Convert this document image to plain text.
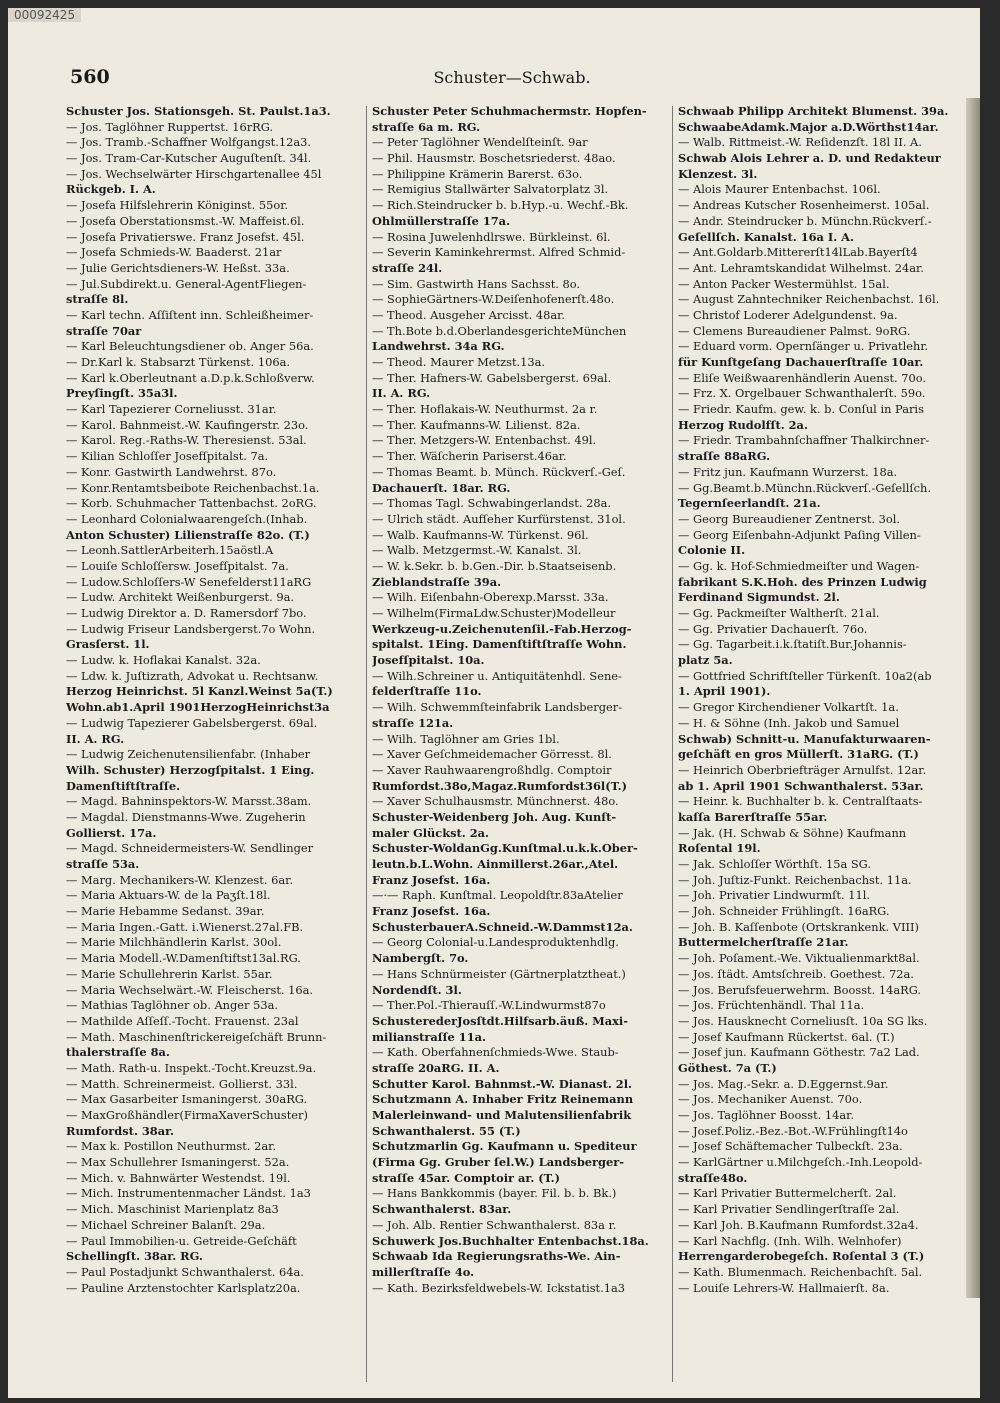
00092425
560	Schuster—Schwab.
Schuster Jos. Stationsgeh. St. Paulst.1a3.
— Jos. Taglöhner Ruppertst. 16rRG.
— Jos. Tramb.-Schaffner Wolfgangst.12a3.
— Jos. Tram-Car-Kutscher Auguſtenſt. 34l.
— Jos. Wechselwärter Hirschgartenallee 45l
Rückgeb. I. A.
— Josefa Hilfslehrerin Königinst. 55or.
— Josefa Oberstationsmst.-W. Maffeist.6l.
— Josefa Privatierswe. Franz Josefst. 45l.
— Josefa Schmieds-W. Baaderst. 21ar
— Julie Gerichtsdieners-W. Heßst. 33a.
— Jul.Subdirekt.u. General-AgentFliegen-
straſſe 8l.
— Karl techn. Aſſiſtent inn. Schleißheimer-
straſſe 70ar
— Karl Beleuchtungsdiener ob. Anger 56a.
— Dr.Karl k. Stabsarzt Türkenst. 106a.
— Karl k.Oberleutnant a.D.p.k.Schloßverw.
Preyſingſt. 35a3l.
— Karl Tapezierer Corneliusst. 31ar.
— Karol. Bahnmeist.-W. Kaufingerstr. 23o.
— Karol. Reg.-Raths-W. Theresienst. 53al.
— Kilian Schloſſer Josefſpitalst. 7a.
— Konr. Gastwirth Landwehrst. 87o.
— Konr.Rentamtsbeibote Reichenbachst.1a.
— Korb. Schuhmacher Tattenbachst. 2oRG.
— Leonhard Colonialwaarengeſch.(Inhab.
Anton Schuster) Lilienstraſſe 82o. (T.)
— Leonh.SattlerArbeiterh.15aöstl.A
— Louiſe Schloſſersw. Josefſpitalst. 7a.
— Ludow.Schloſſers-W Senefelderst11aRG
— Ludw. Architekt Weißenburgerst. 9a.
— Ludwig Direktor a. D. Ramersdorf 7bo.
— Ludwig Friseur Landsbergerst.7o Wohn.
Grasſerst. 1l.
— Ludw. k. Hoflakai Kanalst. 32a.
— Ldw. k. Juſtizrath, Advokat u. Rechtsanw.
Herzog Heinrichst. 5l Kanzl.Weinst 5a(T.)
Wohn.ab1.April 1901HerzogHeinrichst3a
— Ludwig Tapezierer Gabelsbergerst. 69al.
II. A. RG.
— Ludwig Zeichenutensilienfabr. (Inhaber
Wilh. Schuster) Herzogſpitalst. 1 Eing.
Damenſtiftſtraſſe.
— Magd. Bahninspektors-W. Marsst.38am.
— Magdal. Dienstmanns-Wwe. Zugeherin
Gollierst. 17a.
— Magd. Schneidermeisters-W. Sendlinger
straſſe 53a.
— Marg. Mechanikers-W. Klenzest. 6ar.
— Maria Aktuars-W. de la Paʒſt.18l.
— Marie Hebamme Sedanst. 39ar.
— Maria Ingen.-Gatt. i.Wienerst.27al.FB.
— Marie Milchhändlerin Karlst. 30ol.
— Maria Modell.-W.Damenſtiftst13al.RG.
— Marie Schullehrerin Karlst. 55ar.
— Maria Wechselwärt.-W. Fleischerst. 16a.
— Mathias Taglöhner ob. Anger 53a.
— Mathilde Aſſeſſ.-Tocht. Frauenst. 23al
— Math. Maschinenſtrickereigeſchäft Brunn-
thalerstraſſe 8a.
— Math. Rath-u. Inspekt.-Tocht.Kreuzst.9a.
— Matth. Schreinermeist. Gollierst. 33l.
— Max Gasarbeiter Ismaningerst. 30aRG.
— MaxGroßhändler(FirmaXaverSchuster)
Rumfordst. 38ar.
— Max k. Postillon Neuthurmst. 2ar.
— Max Schullehrer Ismaningerst. 52a.
— Mich. v. Bahnwärter Westendst. 19l.
— Mich. Instrumentenmacher Ländst. 1a3
— Mich. Maschinist Marienplatz 8a3
— Michael Schreiner Balanſt. 29a.
— Paul Immobilien-u. Getreide-Geſchäft
Schellingſt. 38ar. RG.
— Paul Postadjunkt Schwanthalerst. 64a.
— Pauline Arztenstochter Karlsplatz20a.
Schuster Peter Schuhmachermstr. Hopfen-
straſſe 6a m. RG.
— Peter Taglöhner Wendelſteinſt. 9ar
— Phil. Hausmstr. Boschetsriederst. 48ao.
— Philippine Krämerin Barerst. 63o.
— Remigius Stallwärter Salvatorplatz 3l.
— Rich.Steindrucker b. b.Hyp.-u. Wechf.-Bk.
Ohlmüllerstraſſe 17a.
— Rosina Juwelenhdlrswe. Bürkleinst. 6l.
— Severin Kaminkehrermst. Alfred Schmid-
straſſe 24l.
— Sim. Gastwirth Hans Sachsst. 8o.
— SophieGärtners-W.Deiſenhofenerſt.48o.
— Theod. Ausgeher Arcisst. 48ar.
— Th.Bote b.d.OberlandesgerichteMünchen
Landwehrst. 34a RG.
— Theod. Maurer Metzst.13a.
— Ther. Hafners-W. Gabelsbergerst. 69al.
II. A. RG.
— Ther. Hoflakais-W. Neuthurmst. 2a r.
— Ther. Kaufmanns-W. Lilienst. 82a.
— Ther. Metzgers-W. Entenbachst. 49l.
— Ther. Wäſcherin Pariserst.46ar.
— Thomas Beamt. b. Münch. Rückverſ.-Geſ.
Dachauerſt. 18ar. RG.
— Thomas Tagl. Schwabingerlandst. 28a.
— Ulrich städt. Aufſeher Kurfürstenst. 31ol.
— Walb. Kaufmanns-W. Türkenst. 96l.
— Walb. Metzgermst.-W. Kanalst. 3l.
— W. k.Sekr. b. b.Gen.-Dir. b.Staatseisenb.
Zieblandstraſſe 39a.
— Wilh. Eiſenbahn-Oberexp.Marsst. 33a.
— Wilhelm(FirmaLdw.Schuster)Modelleur
Werkzeug-u.Zeichenutenſil.-Fab.Herzog-
spitalst. 1Eing. Damenſtiftſtraſſe Wohn.
Josefſpitalst. 10a.
— Wilh.Schreiner u. Antiquitätenhdl. Sene-
felderſtraſſe 11o.
— Wilh. Schwemmſteinfabrik Landsberger-
straſſe 121a.
— Wilh. Taglöhner am Gries 1bl.
— Xaver Geſchmeidemacher Görresst. 8l.
— Xaver Rauhwaarengroßhdlg. Comptoir
Rumfordst.38o,Magaz.Rumfordst36l(T.)
— Xaver Schulhausmstr. Münchnerst. 48o.
Schuster-Weidenberg Joh. Aug. Kunſt-
maler Glückst. 2a.
Schuster-WoldanGg.Kunſtmal.u.k.k.Ober-
leutn.b.L.Wohn. Ainmillerst.26ar.,Atel.
Franz Josefst. 16a.
—·— Raph. Kunſtmal. Leopoldſtr.83aAtelier
Franz Josefst. 16a.
SchusterbauerA.Schneid.-W.Dammst12a.
— Georg Colonial-u.Landesproduktenhdlg.
Nambergſt. 7o.
— Hans Schnürmeister (Gärtnerplatztheat.)
Nordendſt. 3l.
— Ther.Pol.-Thierauſſ.-W.Lindwurmst87o
SchusterederJosſtdt.Hilfsarb.äuß. Maxi-
milianstraſſe 11a.
— Kath. Oberfahnenſchmieds-Wwe. Staub-
straſſe 20aRG. II. A.
Schutter Karol. Bahnmst.-W. Dianast. 2l.
Schutzmann A. Inhaber Fritz Reinemann
Malerleinwand- und Malutensilienfabrik
Schwanthalerst. 55 (T.)
Schutzmarlin Gg. Kaufmann u. Spediteur
(Firma Gg. Gruber ſel.W.) Landsberger-
straſſe 45ar. Comptoir ar. (T.)
— Hans Bankkommis (bayer. Fil. b. b. Bk.)
Schwanthalerst. 83ar.
— Joh. Alb. Rentier Schwanthalerst. 83a r.
Schuwerk Jos.Buchhalter Entenbachst.18a.
Schwaab Ida Regierungsraths-We. Ain-
millerſtraſſe 4o.
— Kath. Bezirksfeldwebels-W. Ickstatist.1a3
Schwaab Philipp Architekt Blumenst. 39a.
SchwaabeAdamk.Major a.D.Wörthst14ar.
— Walb. Rittmeist.-W. Reſidenzſt. 18l II. A.
Schwab Alois Lehrer a. D. und Redakteur
Klenzest. 3l.
— Alois Maurer Entenbachst. 106l.
— Andreas Kutscher Rosenheimerst. 105al.
— Andr. Steindrucker b. Münchn.Rückverſ.-
Geſellſch. Kanalst. 16a I. A.
— Ant.Goldarb.Mittererſt14lLab.Bayerſt4
— Ant. Lehramtskandidat Wilhelmst. 24ar.
— Anton Packer Westermühlst. 15al.
— August Zahntechniker Reichenbachst. 16l.
— Christof Loderer Adelgundenst. 9a.
— Clemens Bureaudiener Palmst. 9oRG.
— Eduard vorm. Opernſänger u. Privatlehr.
für Kunſtgeſang Dachauerſtraſſe 10ar.
— Eliſe Weißwaarenhändlerin Auenst. 70o.
— Frz. X. Orgelbauer Schwanthalerſt. 59o.
— Friedr. Kaufm. gew. k. b. Conſul in Paris
Herzog Rudolfſt. 2a.
— Friedr. Trambahnſchaffner Thalkirchner-
straſſe 88aRG.
— Fritz jun. Kaufmann Wurzerst. 18a.
— Gg.Beamt.b.Münchn.Rückverſ.-Geſellſch.
Tegernſeerlandſt. 21a.
— Georg Bureaudiener Zentnerst. 3ol.
— Georg Eiſenbahn-Adjunkt Paſing Villen-
Colonie II.
— Gg. k. Hof-Schmiedmeiſter und Wagen-
fabrikant S.K.Hoh. des Prinzen Ludwig
Ferdinand Sigmundst. 2l.
— Gg. Packmeiſter Waltherſt. 21al.
— Gg. Privatier Dachauerſt. 76o.
— Gg. Tagarbeit.i.k.ſtatiſt.Bur.Johannis-
platz 5a.
— Gottfried Schriftſteller Türkenſt. 10a2(ab
1. April 1901).
— Gregor Kirchendiener Volkartſt. 1a.
— H. & Söhne (Inh. Jakob und Samuel
Schwab) Schnitt-u. Manufakturwaaren-
geſchäft en gros Müllerſt. 31aRG. (T.)
— Heinrich Oberbriefträger Arnulfst. 12ar.
ab 1. April 1901 Schwanthalerst. 53ar.
— Heinr. k. Buchhalter b. k. Centralſtaats-
kaſſa Barerſtraſſe 55ar.
— Jak. (H. Schwab & Söhne) Kaufmann
Roſental 19l.
— Jak. Schloſſer Wörthſt. 15a SG.
— Joh. Juſtiz-Funkt. Reichenbachst. 11a.
— Joh. Privatier Lindwurmſt. 11l.
— Joh. Schneider Frühlingſt. 16aRG.
— Joh. B. Kaſſenbote (Ortskrankenk. VIII)
Buttermelcherſtraſſe 21ar.
— Joh. Poſament.-We. Viktualienmarkt8al.
— Jos. ſtädt. Amtsſchreib. Goethest. 72a.
— Jos. Berufsfeuerwehrm. Boosst. 14aRG.
— Jos. Früchtenhändl. Thal 11a.
— Jos. Hausknecht Corneliusſt. 10a SG lks.
— Josef Kaufmann Rückertst. 6al. (T.)
— Josef jun. Kaufmann Göthestr. 7a2 Lad.
Göthest. 7a (T.)
— Jos. Mag.-Sekr. a. D.Eggernst.9ar.
— Jos. Mechaniker Auenst. 70o.
— Jos. Taglöhner Boosst. 14ar.
— Josef.Poliz.-Bez.-Bot.-W.Frühlingſt14o
— Josef Schäftemacher Tulbeckſt. 23a.
— KarlGärtner u.Milchgeſch.-Inh.Leopold-
straſſe48o.
— Karl Privatier Buttermelcherſt. 2al.
— Karl Privatier Sendlingerſtraſſe 2al.
— Karl Joh. B.Kaufmann Rumfordst.32a4.
— Karl Nachflg. (Inh. Wilh. Welnhofer)
Herrengarderobegeſch. Roſental 3 (T.)
— Kath. Blumenmach. Reichenbachſt. 5al.
— Louiſe Lehrers-W. Hallmaierſt. 8a.
